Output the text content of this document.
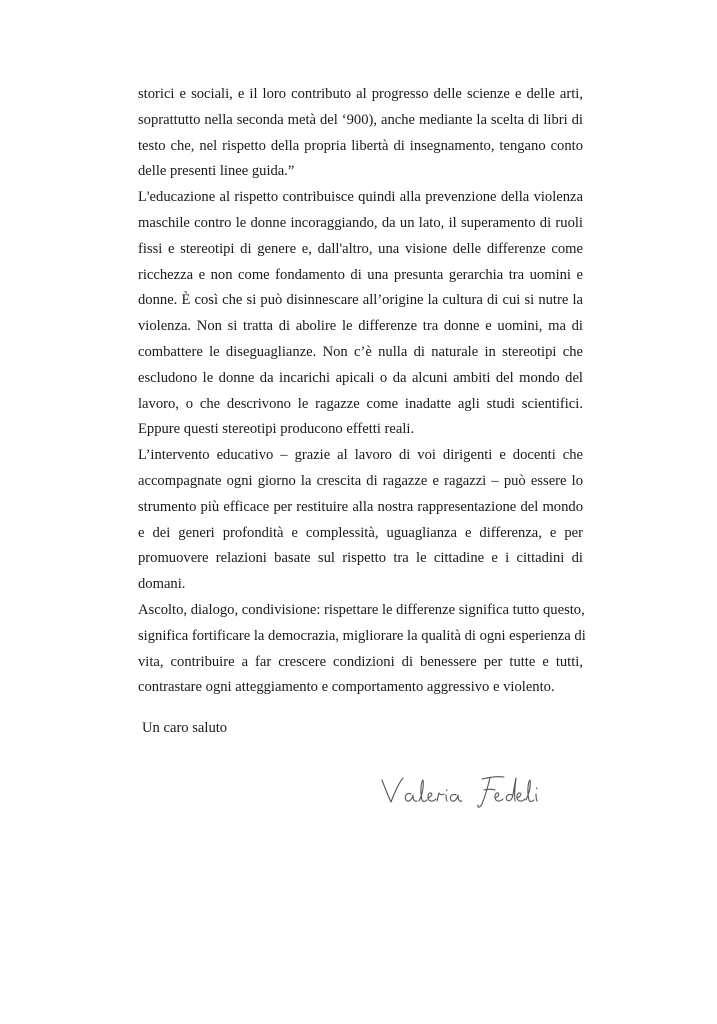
storici e sociali, e il loro contributo al progresso delle scienze e delle arti,
soprattutto nella seconda metà del ‘900), anche mediante la scelta di libri di
testo che, nel rispetto della propria libertà di insegnamento, tengano conto
delle presenti linee guida.”
L'educazione al rispetto contribuisce quindi alla prevenzione della violenza
maschile contro le donne incoraggiando, da un lato, il superamento di ruoli
fissi e stereotipi di genere e, dall'altro, una visione delle differenze come
ricchezza e non come fondamento di una presunta gerarchia tra uomini e
donne. È così che si può disinnescare all’origine la cultura di cui si nutre la
violenza. Non si tratta di abolire le differenze tra donne e uomini, ma di
combattere le diseguaglianze. Non c’è nulla di naturale in stereotipi che
escludono le donne da incarichi apicali o da alcuni ambiti del mondo del
lavoro, o che descrivono le ragazze come inadatte agli studi scientifici.
Eppure questi stereotipi producono effetti reali.
L’intervento educativo – grazie al lavoro di voi dirigenti e docenti che
accompagnate ogni giorno la crescita di ragazze e ragazzi – può essere lo
strumento più efficace per restituire alla nostra rappresentazione del mondo
e dei generi profondità e complessità, uguaglianza e differenza, e per
promuovere relazioni basate sul rispetto tra le cittadine e i cittadini di
domani.
Ascolto, dialogo, condivisione: rispettare le differenze significa tutto questo,
significa fortificare la democrazia, migliorare la qualità di ogni esperienza di
vita, contribuire a far crescere condizioni di benessere per tutte e tutti,
contrastare ogni atteggiamento e comportamento aggressivo e violento.
Un caro saluto
